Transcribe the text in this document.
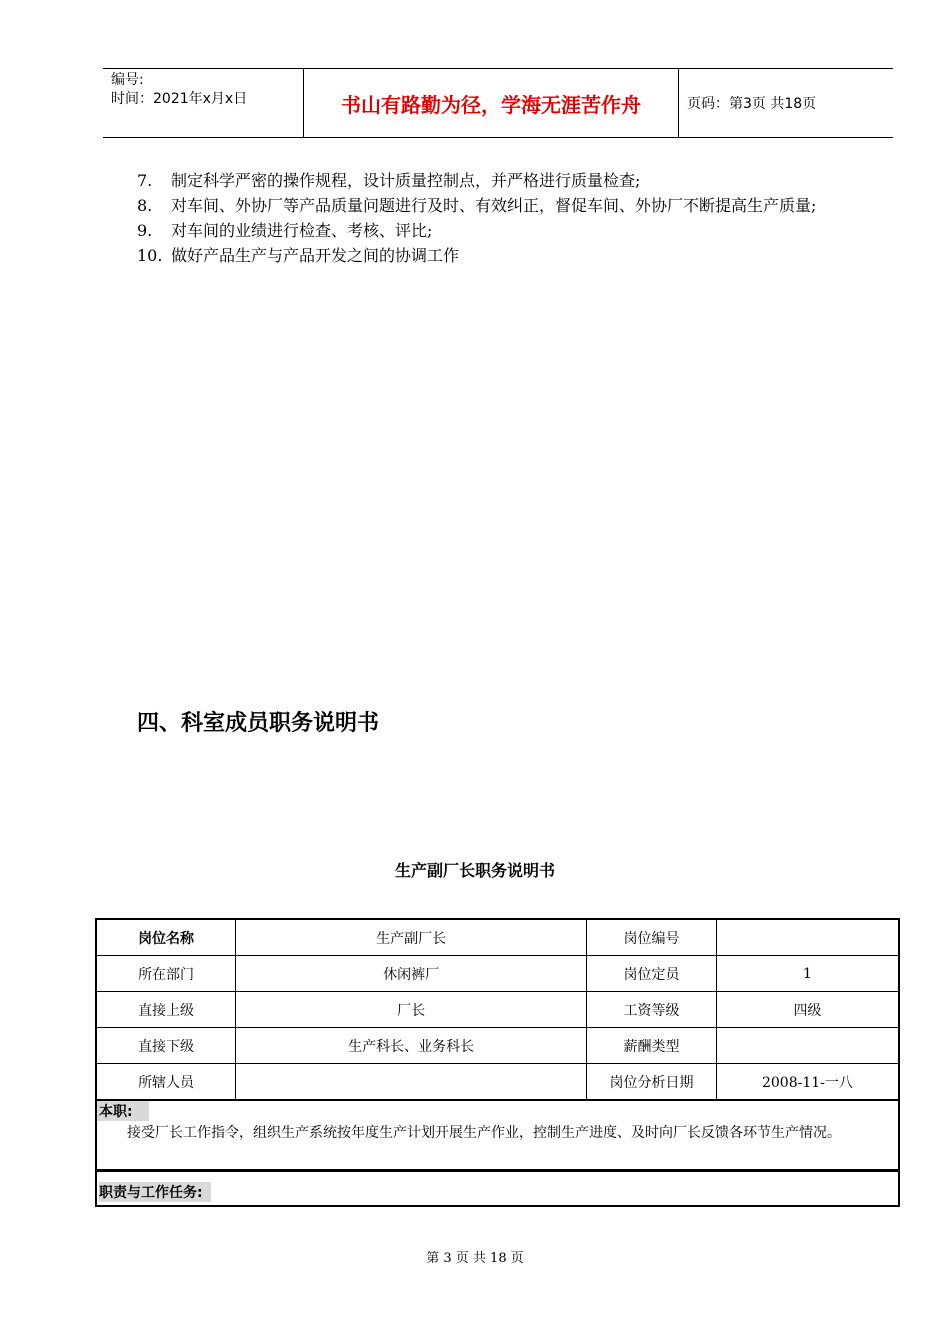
编号:
时间：2021年x月x日	书山有路勤为径，学海无涯苦作舟	页码：第3页 共18页
7.	制定科学严密的操作规程，设计质量控制点，并严格进行质量检查;
8.	对车间、外协厂等产品质量问题进行及时、有效纠正，督促车间、外协厂不断提高生产质量;
9.	对车间的业绩进行检查、考核、评比;
10. 做好产品生产与产品开发之间的协调工作
四、科室成员职务说明书
生产副厂长职务说明书
岗位名称	生产副厂长	岗位编号	
所在部门	休闲裤厂	岗位定员	1
直接上级	厂长	工资等级	四级
直接下级	生产科长、业务科长	薪酬类型	
所辖人员		岗位分析日期	2008-11-一八
本职:
接受厂长工作指令，组织生产系统按年度生产计划开展生产作业，控制生产进度、及时向厂长反馈各环节生产情况。
职责与工作任务:
第 3 页 共 18 页
